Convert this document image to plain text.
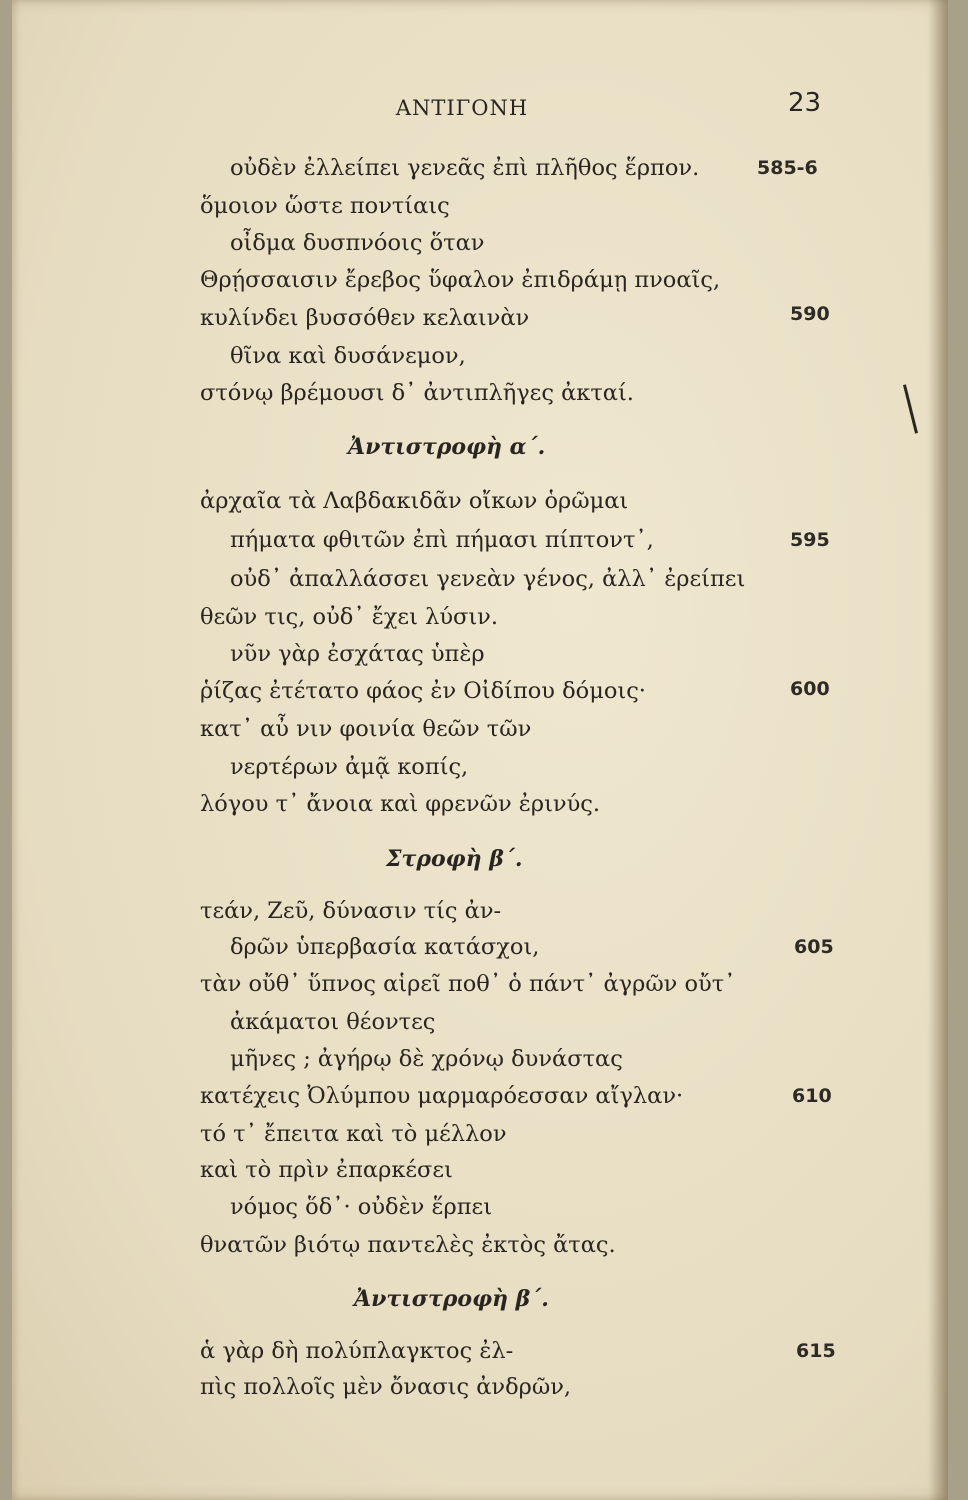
ΑΝΤΙΓΟΝΗ	23
οὐδὲν ἐλλείπει γενεᾶς ἐπὶ πλῆθος ἕρπον.	585-6
ὅμοιον ὥστε ποντίαις
οἶδμα δυσπνόοις ὅταν
Θρῄσσαισιν ἔρεβος ὕφαλον ἐπιδράμῃ πνοαῖς,
κυλίνδει βυσσόθεν κελαινὰν	590
θῖνα καὶ δυσάνεμον,
στόνῳ βρέμουσι δ᾽ ἀντιπλῆγες ἀκταί.
Ἀντιστροφὴ α΄.
ἀρχαῖα τὰ Λαβδακιδᾶν οἴκων ὁρῶμαι
πήματα φθιτῶν ἐπὶ πήμασι πίπτοντ᾽,	595
οὐδ᾽ ἀπαλλάσσει γενεὰν γένος, ἀλλ᾽ ἐρείπει
θεῶν τις, οὐδ᾽ ἔχει λύσιν.
νῦν γὰρ ἐσχάτας ὑπὲρ
ῥίζας ἐτέτατο φάος ἐν Οἰδίπου δόμοις·	600
κατ᾽ αὖ νιν φοινία θεῶν τῶν
νερτέρων ἀμᾷ κοπίς,
λόγου τ᾽ ἄνοια καὶ φρενῶν ἐρινύς.
Στροφὴ β΄.
τεάν, Ζεῦ, δύνασιν τίς ἀν-
δρῶν ὑπερβασία κατάσχοι,	605
τὰν οὔθ᾽ ὕπνος αἱρεῖ ποθ᾽ ὁ πάντ᾽ ἀγρῶν οὔτ᾽
ἀκάματοι θέοντες
μῆνες ; ἀγήρῳ δὲ χρόνῳ δυνάστας
κατέχεις Ὀλύμπου μαρμαρόεσσαν αἴγλαν·	610
τό τ᾽ ἔπειτα καὶ τὸ μέλλον
καὶ τὸ πρὶν ἐπαρκέσει
νόμος ὅδ᾽· οὐδὲν ἕρπει
θνατῶν βιότῳ παντελὲς ἐκτὸς ἄτας.
Ἀντιστροφὴ β΄.
ἁ γὰρ δὴ πολύπλαγκτος ἐλ-	615
πὶς πολλοῖς μὲν ὄνασις ἀνδρῶν,
